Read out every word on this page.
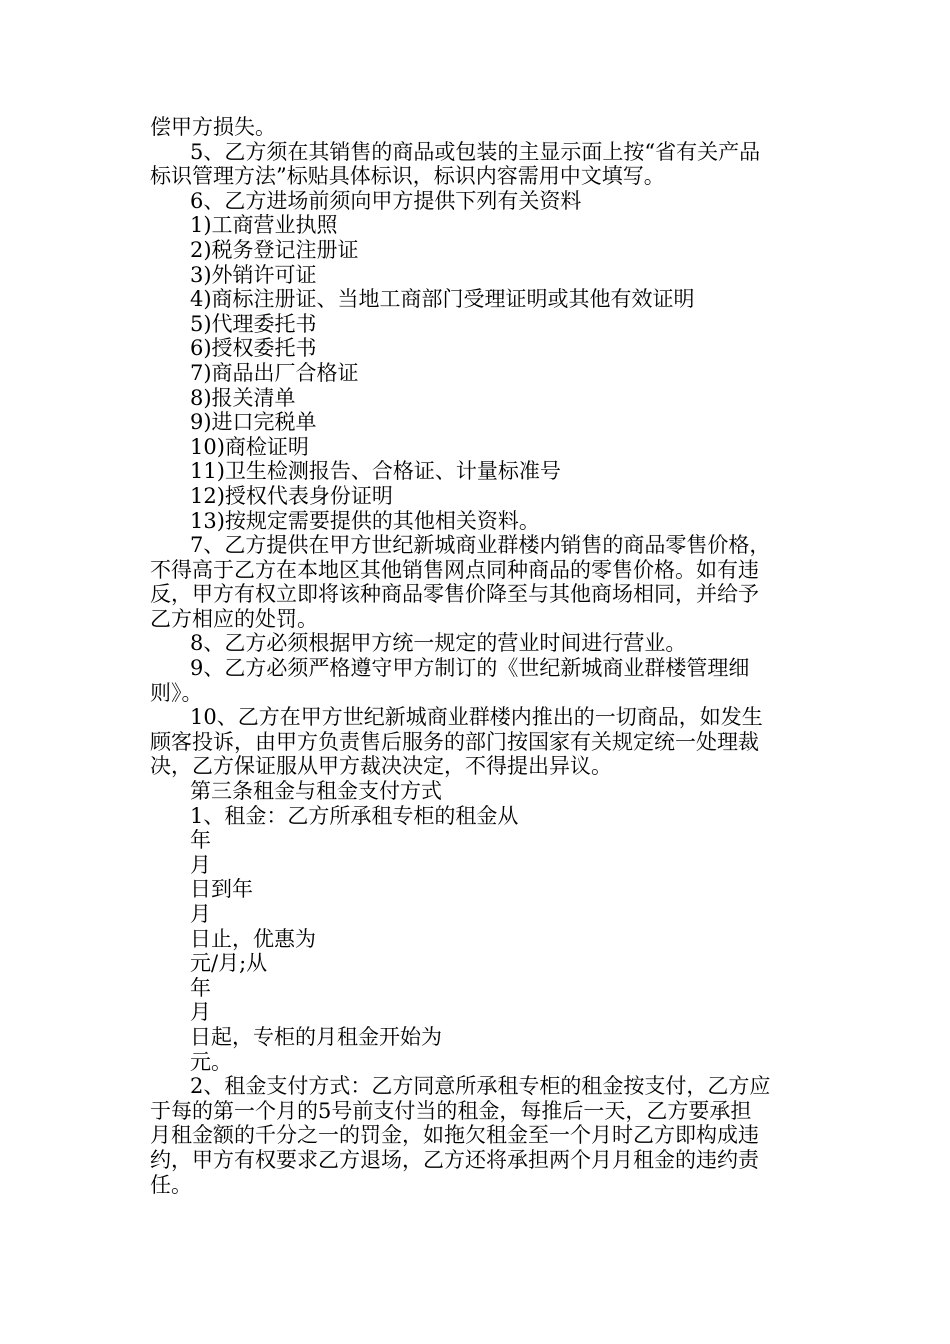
偿甲方损失。
5、乙方须在其销售的商品或包装的主显示面上按“省有关产品
标识管理方法”标贴具体标识，标识内容需用中文填写。
6、乙方进场前须向甲方提供下列有关资料
1)工商营业执照
2)税务登记注册证
3)外销许可证
4)商标注册证、当地工商部门受理证明或其他有效证明
5)代理委托书
6)授权委托书
7)商品出厂合格证
8)报关清单
9)进口完税单
10)商检证明
11)卫生检测报告、合格证、计量标准号
12)授权代表身份证明
13)按规定需要提供的其他相关资料。
7、乙方提供在甲方世纪新城商业群楼内销售的商品零售价格，
不得高于乙方在本地区其他销售网点同种商品的零售价格。如有违
反，甲方有权立即将该种商品零售价降至与其他商场相同，并给予
乙方相应的处罚。
8、乙方必须根据甲方统一规定的营业时间进行营业。
9、乙方必须严格遵守甲方制订的《世纪新城商业群楼管理细
则》。
10、乙方在甲方世纪新城商业群楼内推出的一切商品，如发生
顾客投诉，由甲方负责售后服务的部门按国家有关规定统一处理裁
决，乙方保证服从甲方裁决决定，不得提出异议。
第三条租金与租金支付方式
1、租金：乙方所承租专柜的租金从
年
月
日到年
月
日止，优惠为
元/月;从
年
月
日起，专柜的月租金开始为
元。
2、租金支付方式：乙方同意所承租专柜的租金按支付，乙方应
于每的第一个月的5号前支付当的租金，每推后一天，乙方要承担
月租金额的千分之一的罚金，如拖欠租金至一个月时乙方即构成违
约，甲方有权要求乙方退场，乙方还将承担两个月月租金的违约责
任。
